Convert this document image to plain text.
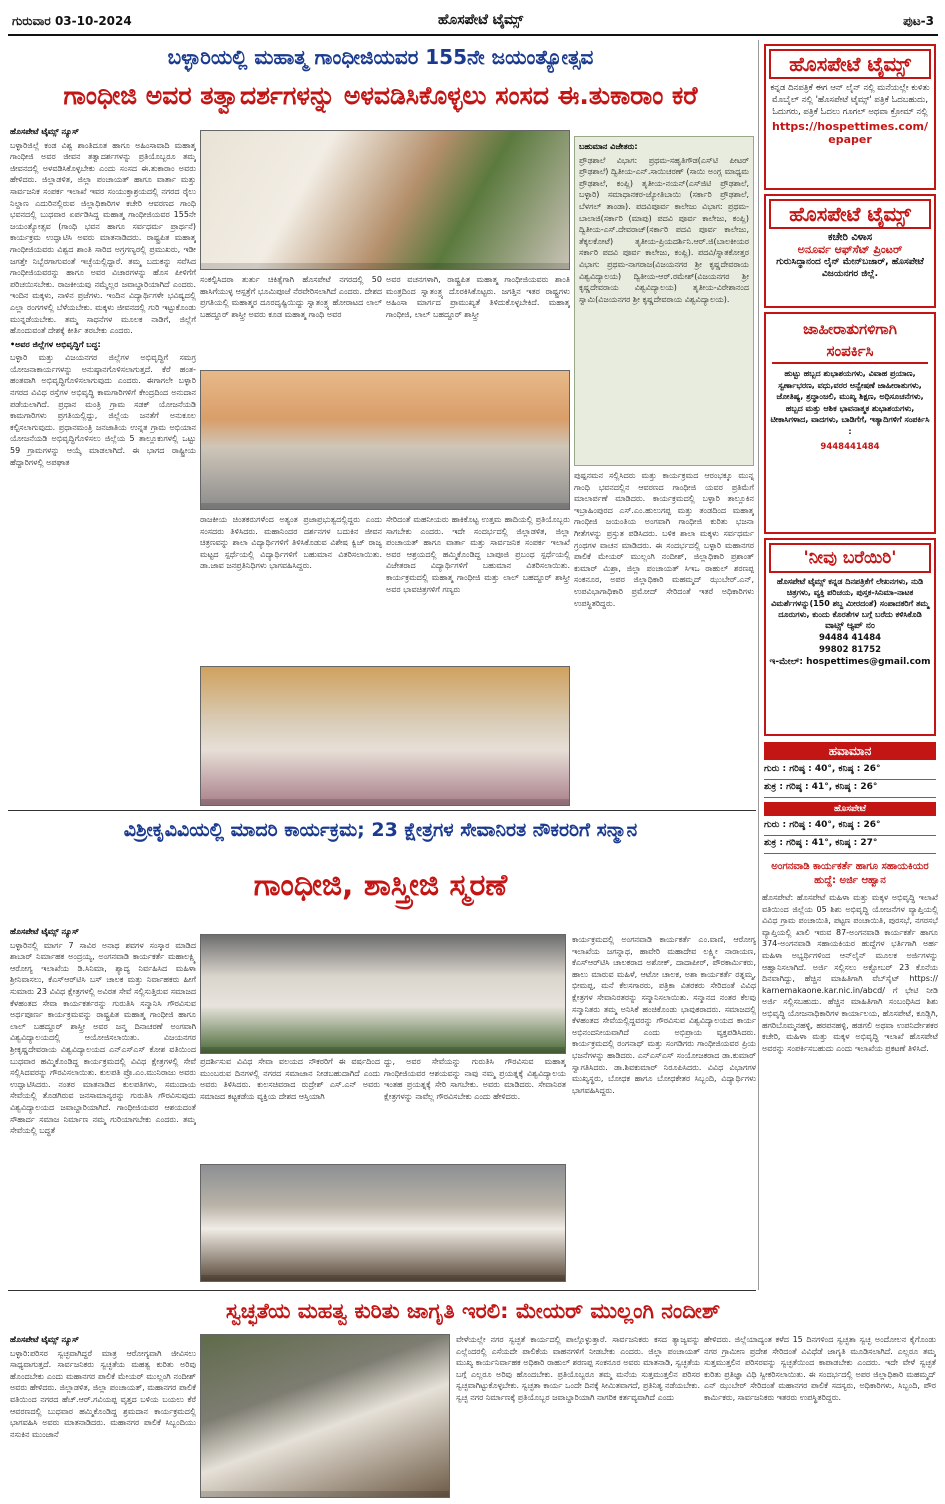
ಗುರುವಾರ 03-10-2024	ಹೊಸಪೇಟೆ ಟೈಮ್ಸ್	ಪುಟ-3
ಬಳ್ಳಾರಿಯಲ್ಲಿ ಮಹಾತ್ಮ ಗಾಂಧೀಜಿಯವರ 155ನೇ ಜಯಂತ್ಯೋತ್ಸವ
ಗಾಂಧೀಜಿ ಅವರ ತತ್ವಾದರ್ಶಗಳನ್ನು ಅಳವಡಿಸಿಕೊಳ್ಳಲು ಸಂಸದ ಈ.ತುಕಾರಾಂ ಕರೆ

ಹೊಸಪೇಟೆ ಟೈಮ್ಸ್ ನ್ಯೂಸ್

ಬಳ್ಳಾರಿಜಿಲ್ಲೆ ಕಂಡ ವಿಶ್ವ ಶಾಂತಿದೂತ ಹಾಗೂ ಅಹಿಂಸಾವಾದಿ ಮಹಾತ್ಮ ಗಾಂಧೀಜಿ ಅವರ ಜೀವನ ತತ್ವಾದರ್ಶಗಳನ್ನು ಪ್ರತಿಯೊಬ್ಬರೂ ತಮ್ಮ ಜೀವನದಲ್ಲಿ ಅಳವಡಿಸಿಕೊಳ್ಳಬೇಕು ಎಂದು ಸಂಸದ ಈ.ತುಕಾರಾಂ ಅವರು ಹೇಳಿದರು. ಜಿಲ್ಲಾಡಳಿತ, ಜಿಲ್ಲಾ ಪಂಚಾಯತ್ ಹಾಗೂ ವಾರ್ತಾ ಮತ್ತು ಸಾರ್ವಜನಿಕ ಸಂಪರ್ಕ ಇಲಾಖೆ ಇವರ ಸಂಯುಕ್ತಾಶ್ರಯದಲ್ಲಿ ನಗರದ ರೈಲು ನಿಲ್ದಾಣ ಎದುರಿನಲ್ಲಿರುವ ಜಿಲ್ಲಾಧಿಕಾರಿಗಳ ಕಚೇರಿ ಆವರಣದ ಗಾಂಧಿ ಭವನದಲ್ಲಿ ಬುಧವಾರ ಏರ್ಪಡಿಸಿದ್ದ ಮಹಾತ್ಮ ಗಾಂಧೀಜಿಯವರ 155ನೇ ಜಯಂತ್ಯೋತ್ಸವ (ಗಾಂಧಿ ಭವನ ಹಾಗೂ ಸರ್ವಧರ್ಮ ಪ್ರಾರ್ಥನೆ) ಕಾರ್ಯಕ್ರಮ ಉದ್ಘಾಟಿಸಿ ಅವರು ಮಾತನಾಡಿದರು. ರಾಷ್ಟ್ರಪಿತ ಮಹಾತ್ಮ ಗಾಂಧೀಜಿಯವರು ವಿಶ್ವದ ಶಾಂತಿ ಸಾರಿದ ಅಗ್ರಗಣ್ಯರಲ್ಲಿ ಪ್ರಮುಖರು, ಇಡೀ ಜಗತ್ತೇ ನಿಬ್ಬೆರಗಾಗುವಂತೆ ಇಚ್ಛೆಯಲ್ಲಿದ್ದಾರೆ. ತಮ್ಮ ಬದುಕನ್ನು ಸವೆಸಿದ ಗಾಂಧೀಜಿಯವರನ್ನು ಹಾಗೂ ಅವರ ವಿಚಾರಗಳನ್ನು ಹೊಸ ಪೀಳಿಗೆಗೆ ಪರಿಚಯಿಸಬೇಕು. ರಾಜಕೀಯವು ನಮ್ಮೆಲ್ಲರ ಜವಾಬ್ದಾರಿಯಾಗಿದೆ ಎಂದರು. ಇಂದಿನ ಮಕ್ಕಳು, ನಾಳಿನ ಪ್ರಜೆಗಳು. ಇಂದಿನ ವಿದ್ಯಾರ್ಥಿಗಳೇ ಭವಿಷ್ಯದಲ್ಲಿ ಎಲ್ಲಾ ರಂಗಗಳಲ್ಲಿ ಬೆಳೆಯಬೇಕು. ಮಕ್ಕಳು ಜೀವನದಲ್ಲಿ ಗುರಿ ಇಟ್ಟುಕೊಂಡು ಮುನ್ನಡೆಯಬೇಕು. ತಮ್ಮ ಸಾಧನೆಗಳ ಮೂಲಕ ನಾಡಿಗೆ, ಜಿಲ್ಲೆಗೆ ಹೊಂದುವಂತೆ ದೇಶಕ್ಕೆ ಕೀರ್ತಿ ತರಬೇಕು ಎಂದರು.

•ಅವರ ಜಿಲ್ಲೆಗಳ ಅಭಿವೃದ್ಧಿಗೆ ಬದ್ಧ:

ಬಳ್ಳಾರಿ ಮತ್ತು ವಿಜಯನಗರ ಜಿಲ್ಲೆಗಳ ಅಭಿವೃದ್ಧಿಗೆ ಸಮಗ್ರ ಯೋಜನಾಕಾರ್ಯಗಳನ್ನು ಅನುಷ್ಠಾನಗೊಳಿಸಲಾಗುತ್ತದೆ. ಕೆರೆ ಹಂತ-ಹಂತವಾಗಿ ಅಭಿವೃದ್ಧಿಗೊಳಿಸಲಾಗುವುದು ಎಂದರು. ಈಗಾಗಲೇ ಬಳ್ಳಾರಿ ನಗರದ ವಿವಿಧ ರಸ್ತೆಗಳ ಅಭಿವೃದ್ಧಿ ಕಾಮಗಾರಿಗಳಿಗೆ ಕೇಂದ್ರದಿಂದ ಅನುದಾನ ಪಡೆಯಲಾಗಿದೆ. ಪ್ರಧಾನ ಮಂತ್ರಿ ಗ್ರಾಮ ಸಡಕ್ ಯೋಜನೆಯಡಿ ಕಾಮಗಾರಿಗಳು ಪ್ರಗತಿಯಲ್ಲಿದ್ದು, ಜಿಲ್ಲೆಯ ಜನತೆಗೆ ಅನುಕೂಲ ಕಲ್ಪಿಸಲಾಗುವುದು. ಪ್ರಧಾನಮಂತ್ರಿ ಜನಜಾತಿಯ ಉನ್ನತ ಗ್ರಾಮ ಅಭಿಯಾನ ಯೋಜನೆಯಡಿ ಅಭಿವೃದ್ಧಿಗೊಳಿಸಲು ಜಿಲ್ಲೆಯ 5 ತಾಲ್ಲೂಕುಗಳಲ್ಲಿ ಒಟ್ಟು 59 ಗ್ರಾಮಗಳನ್ನು ಆಯ್ಕೆ ಮಾಡಲಾಗಿದೆ. ಈ ಭಾಗದ ರಾಷ್ಟ್ರೀಯ ಹೆದ್ದಾರಿಗಳಲ್ಲಿ ಅಪಘಾತ

ಸಂಕಲ್ಪಿಸಿದರಾ ತುರ್ತು ಚಿಕಿತ್ಸೆಗಾಗಿ ಹೊಸಪೇಟೆ ನಗರದಲ್ಲಿ 50 ಹಾಸಿಗೆಯುಳ್ಳ ಆಸ್ಪತ್ರೆಗೆ ಭೂಮಿಪೂಜೆ ನೆರವೇರಿಸಲಾಗಿದೆ ಎಂದರು. ದೇಶದ ಪ್ರಗತಿಯಲ್ಲಿ ಮಹಾತ್ಮರ ದೂರದೃಷ್ಟಿಯಿದ್ದು ಸ್ವಾತಂತ್ರ್ಯ ಹೋರಾಟದ ಲಾಲ್ ಬಹದ್ದೂರ್ ಶಾಸ್ತ್ರೀ ಅವರು ಕೂಡ ಮಹಾತ್ಮ ಗಾಂಧಿ ಅವರ
ಅವರ ವಚನಗಳಾಗಿ, ರಾಷ್ಟ್ರಪಿತ ಮಹಾತ್ಮ ಗಾಂಧೀಜಿಯವರು ಶಾಂತಿ ಮಂತ್ರದಿಂದ ಸ್ವಾತಂತ್ರ್ಯ ದೊರಕಿಸಿಕೊಟ್ಟರು. ಜಗತ್ತಿನ ಇತರ ರಾಷ್ಟ್ರಗಳು ಅಹಿಂಸಾ ಮಾರ್ಗದ ಪ್ರಾಮುಖ್ಯತೆ ತಿಳಿದುಕೊಳ್ಳಬೇಕಿದೆ. ಮಹಾತ್ಮ ಗಾಂಧೀಜಿ, ಲಾಲ್ ಬಹದ್ದೂರ್ ಶಾಸ್ತ್ರೀ
ರಾಜಕೀಯ ಚಿಂತಕರುಗಳೆಂದ ಅತ್ಯಂತ ಪ್ರಜಾಪ್ರಭುತ್ವದಲ್ಲಿದ್ದರು ಎಂದು ಸಂಸದರು ತಿಳಿಸಿದರು. ಮಹಾನಿಂದರ ದರ್ಶನಗಳ ಬದುಕಿನ ಜೀವನ ಚಿತ್ರಣವನ್ನು ಶಾಲಾ ವಿದ್ಯಾರ್ಥಿಗಳಿಗೆ ತಿಳಿಸಿಕೊಡುವ ವಿಶೇಷ ಕ್ವಿಜ್ ರಾಜ್ಯ ಮಟ್ಟದ ಸ್ಪರ್ಧೆಯಲ್ಲಿ ವಿದ್ಯಾರ್ಥಿಗಳಿಗೆ ಬಹುಮಾನ ವಿತರಿಸಲಾಯಿತು. ಡಾ.ಜಾವ ಜನಪ್ರತಿನಿಧಿಗಳು ಭಾಗವಹಿಸಿದ್ದರು.
ಸೇರಿದಂತೆ ಮಹನೀಯರು ಹಾಕಿಕೊಟ್ಟ ಉತ್ತಮ ಹಾದಿಯಲ್ಲಿ ಪ್ರತಿಯೊಬ್ಬರು ಸಾಗಬೇಕು ಎಂದರು. ಇದೇ ಸಂದರ್ಭದಲ್ಲಿ ಜಿಲ್ಲಾಡಳಿತ, ಜಿಲ್ಲಾ ಪಂಚಾಯತ್ ಹಾಗೂ ವಾರ್ತಾ ಮತ್ತು ಸಾರ್ವಜನಿಕ ಸಂಪರ್ಕ ಇಲಾಖೆ ಅವರ ಆಶ್ರಯದಲ್ಲಿ ಹಮ್ಮಿಕೊಂಡಿದ್ದ ಬಾಪೂಜಿ ಪ್ರಬಂಧ ಸ್ಪರ್ಧೆಯಲ್ಲಿ ವಿಜೇತರಾದ ವಿದ್ಯಾರ್ಥಿಗಳಿಗೆ ಬಹುಮಾನ ವಿತರಿಸಲಾಯಿತು. ಕಾರ್ಯಕ್ರಮದಲ್ಲಿ ಮಹಾತ್ಮ ಗಾಂಧೀಜಿ ಮತ್ತು ಲಾಲ್ ಬಹದ್ದೂರ್ ಶಾಸ್ತ್ರೀ ಅವರ ಭಾವಚಿತ್ರಗಳಿಗೆ ಗಣ್ಯರು

ಬಹುಮಾನ ವಿಜೇತರು:

ಪ್ರೌಢಶಾಲೆ ವಿಭಾಗ: ಪ್ರಥಮ-ಸಹೃತಿಗೌಡ(ಎಸ್‌ಟಿ ಪೀಟರ್ ಪ್ರೌಢಶಾಲೆ) ದ್ವಿತೀಯ-ಎನ್.ಸಾಯಿಚರಣ್ (ಸಾಯಿ ಅಂಗ್ಲ ಮಾಧ್ಯಮ ಪ್ರೌಢಶಾಲೆ, ಕಂಪ್ಲಿ) ತೃತೀಯ-ನಯನ್(ಎಸ್‌ಜಿಟಿ ಪ್ರೌಢಶಾಲೆ, ಬಳ್ಳಾರಿ) ಸಮಾಧಾನಕರ-ಜ್ಯೋತಿಬಾಯಿ (ಸರ್ಕಾರಿ ಪ್ರೌಢಶಾಲೆ, ಬೆಳಗಲ್ ತಾಂಡಾ). ಪದವಿಪೂರ್ವ ಕಾಲೇಜು ವಿಭಾಗ: ಪ್ರಥಮ-ಬಾಲಾಜಿ(ಸರ್ಕಾರಿ (ಮಾಪು) ಪದವಿ ಪೂರ್ವ ಕಾಲೇಜು, ಕಂಪ್ಲಿ) ದ್ವಿತೀಯ-ಎಸ್.ದೇವರಾಜ್(ಸರ್ಕಾರಿ ಪದವಿ ಪೂರ್ವ ಕಾಲೇಜು, ತೆಕ್ಕಲಕೋಟೆ) ತೃತೀಯ-ಪ್ರಿಯದರ್ಶಿನಿ.ಆರ್.ಜಿ(ಬಾಲಕೀಯರ ಸರ್ಕಾರಿ ಪದವಿ ಪೂರ್ವ ಕಾಲೇಜು, ಕಂಪ್ಲಿ). ಪದವಿ/ಸ್ನಾತಕೋತ್ತರ ವಿಭಾಗ: ಪ್ರಥಮ-ನಾಗರಾಜ(ವಿಜಯನಗರ ಶ್ರೀ ಕೃಷ್ಣದೇವರಾಯ ವಿಶ್ವವಿದ್ಯಾಲಯ) ದ್ವಿತೀಯ-ಆರ್.ರಮೇಶ್(ವಿಜಯನಗರ ಶ್ರೀ ಕೃಷ್ಣದೇವರಾಯ ವಿಶ್ವವಿದ್ಯಾಲಯ) ತೃತೀಯ-ವಿರೇಶಾನಂದ ಸ್ವಾಮಿ(ವಿಜಯನಗರ ಶ್ರೀ ಕೃಷ್ಣದೇವರಾಯ ವಿಶ್ವವಿದ್ಯಾಲಯ).

ಪುಷ್ಪನಮನ ಸಲ್ಲಿಸಿದರು ಮತ್ತು ಕಾರ್ಯಕ್ರಮದ ಆರಂಭಕ್ಕೂ ಮುನ್ನ ಗಾಂಧಿ ಭವನದಲ್ಲಿನ ಆವರಣದ ಗಾಂಧೀಜಿ ಯವರ ಪ್ರತಿಮೆಗೆ ಮಾಲಾರ್ಪಣೆ ಮಾಡಿದರು. ಕಾರ್ಯಕ್ರಮದಲ್ಲಿ ಬಳ್ಳಾರಿ ತಾಲ್ಲೂಕಿನ ಇಬ್ರಾಹಿಂಪುರದ ಎಸ್.ಎಂ.ಹುಲುಗಪ್ಪ ಮತ್ತು ತಂಡದಿಂದ ಮಹಾತ್ಮ ಗಾಂಧೀಜಿ ಜಯಂತಿಯ ಅಂಗವಾಗಿ ಗಾಂಧೀಜಿ ಕುರಿತು ಭಜನಾ ಗೀತೆಗಳನ್ನು ಪ್ರಸ್ತುತ ಪಡಿಸಿದರು. ಬಳಿಕ ಶಾಲಾ ಮಕ್ಕಳು ಸರ್ವಧರ್ಮ ಗ್ರಂಥಗಳ ವಾಚನ ಮಾಡಿದರು. ಈ ಸಂದರ್ಭದಲ್ಲಿ ಬಳ್ಳಾರಿ ಮಹಾನಗರ ಪಾಲಿಕೆ ಮೇಯರ್ ಮುಲ್ಲಂಗಿ ನಂದೀಶ್, ಜಿಲ್ಲಾಧಿಕಾರಿ ಪ್ರಶಾಂತ್ ಕುಮಾರ್ ಮಿಶ್ರಾ, ಜಿಲ್ಲಾ ಪಂಚಾಯತ್ ಸಿಇಒ ರಾಹುಲ್ ಶರಣಪ್ಪ ಸಂಕನೂರ, ಅಪರ ಜಿಲ್ಲಾಧಿಕಾರಿ ಮಹಮ್ಮದ್ ಝುಬೇರ್.ಎನ್, ಉಪವಿಭಾಗಾಧಿಕಾರಿ ಪ್ರಮೋದ್ ಸೇರಿದಂತೆ ಇತರೆ ಅಧಿಕಾರಿಗಳು ಉಪಸ್ಥಿತರಿದ್ದರು.
ವಿಶ್ರೀಕೃವಿವಿಯಲ್ಲಿ ಮಾದರಿ ಕಾರ್ಯಕ್ರಮ; 23 ಕ್ಷೇತ್ರಗಳ ಸೇವಾನಿರತ ನೌಕರರಿಗೆ ಸನ್ಮಾನ
ಗಾಂಧೀಜಿ, ಶಾಸ್ತ್ರೀಜಿ ಸ್ಮರಣೆ

ಹೊಸಪೇಟೆ ಟೈಮ್ಸ್ ನ್ಯೂಸ್

ಬಳ್ಳಾರಿನಲ್ಲಿ ಮಾರ್ಗ 7 ಸಾವಿರ ಅನಾಥ ಶವಗಳ ಸಂಸ್ಕಾರ ಮಾಡಿದ ಶಾಬಾರ್ ನಿರ್ಮಾಹಕ ಅಂದ್ರಯ್ಯ, ಅಂಗನವಾಡಿ ಕಾರ್ಯಕರ್ತೆ ಮಹಾಲಕ್ಷ್ಮಿ ಆರೋಗ್ಯ ಇಲಾಖೆಯ ಡಿ.ಸಿನಿಮಾ, ಶ್ಯಾದ್ಯ ನಿರ್ವಹಿಸಿದ ಮಹಿಳಾ ಶ್ರೀನಿವಾಸಲು, ಕೆಎಸ್‌ಆರ್‌ಟಿಸಿ ಬಸ್ ಚಾಲಕ ಮತ್ತು ನಿರ್ವಾಹಕರು ಹೀಗೆ ಸುಮಾರು 23 ವಿವಿಧ ಕ್ಷೇತ್ರಗಳಲ್ಲಿ ಅವಿರತ ಸೇವೆ ಸಲ್ಲಿಸುತ್ತಿರುವ ಸಮಾಜದ ಕೆಳಹಂತದ ಸೇವಾ ಕಾರ್ಯಕರ್ತರನ್ನು ಗುರುತಿಸಿ ಸನ್ಮಾನಿಸಿ ಗೌರವಿಸುವ ಅರ್ಥಪೂರ್ಣ ಕಾರ್ಯಕ್ರಮವನ್ನು ರಾಷ್ಟ್ರಪಿತ ಮಹಾತ್ಮ ಗಾಂಧೀಜಿ ಹಾಗೂ ಲಾಲ್ ಬಹದ್ದೂರ್ ಶಾಸ್ತ್ರೀ ಅವರ ಜನ್ಮ ದಿನಾಚರಣೆ ಅಂಗವಾಗಿ ವಿಶ್ವವಿದ್ಯಾಲಯದಲ್ಲಿ ಆಯೋಜಿಸಲಾಯಿತು. ವಿಜಯನಗರ ಶ್ರೀಕೃಷ್ಣದೇವರಾಯ ವಿಶ್ವವಿದ್ಯಾಲಯದ ಎನ್‌ಎಸ್‌ಎಸ್ ಕೋಶ ವತಿಯಿಂದ ಬುಧವಾರ ಹಮ್ಮಿಕೊಂಡಿದ್ದ ಕಾರ್ಯಕ್ರಮದಲ್ಲಿ ವಿವಿಧ ಕ್ಷೇತ್ರಗಳಲ್ಲಿ ಸೇವೆ ಸಲ್ಲಿಸಿದವರನ್ನು ಗೌರವಿಸಲಾಯಿತು. ಕುಲಪತಿ ಪ್ರೊ.ಎಂ.ಮುನಿರಾಜು ಅವರು ಉದ್ಘಾಟಿಸಿದರು. ನಂತರ ಮಾತನಾಡಿದ ಕುಲಪತಿಗಳು, ಸಮುದಾಯ ಸೇವೆಯಲ್ಲಿ ತೊಡಗಿರುವ ಜನಸಾಮಾನ್ಯರನ್ನು ಗುರುತಿಸಿ ಗೌರವಿಸುವುದು ವಿಶ್ವವಿದ್ಯಾಲಯದ ಜವಾಬ್ದಾರಿಯಾಗಿದೆ. ಗಾಂಧೀಜಿಯವರ ಆಶಯದಂತೆ ಸೌಹಾರ್ದ ಸಮಾಜ ನಿರ್ಮಾಣ ನಮ್ಮ ಗುರಿಯಾಗಬೇಕು ಎಂದರು. ತಮ್ಮ ಸೇವೆಯಲ್ಲಿ ಬದ್ಧತೆ

ಪ್ರದರ್ಶಿಸುವ ವಿವಿಧ ಸೇವಾ ವಲಯದ ನೌಕರರಿಗೆ ಈ ವರ್ಷದಿಂದ ಮುಂಬರುವ ದಿನಗಳಲ್ಲಿ ನಗರದ ಸಮಾಜಾನ ನೀಡಬಹುದಾಗಿದೆ ಎಂದು ಅವರು ತಿಳಿಸಿದರು. ಕುಲಸಚಿವರಾದ ರುದ್ರೇಶ್ ಎಸ್.ಎನ್ ಅವರು ಸಮಾಜದ ಕಟ್ಟಕಡೆಯ ವ್ಯಕ್ತಿಯ ದೇಶದ ಆಸ್ತಿಯಾಗಿ
ದ್ದು, ಅವರ ಸೇವೆಯನ್ನು ಗುರುತಿಸಿ ಗೌರವಿಸುವ ಮಹಾತ್ಮ ಗಾಂಧೀಜಿಯವರ ಆಶಯವನ್ನು ನಾವು ನಮ್ಮ ಪ್ರಯತ್ನಕ್ಕೆ ವಿಶ್ವವಿದ್ಯಾಲಯ ಇಂತಹ ಪ್ರಯತ್ನಕ್ಕೆ ಸೇರಿ ಸಾಗಬೇಕು. ಅವರು ಮಾಡಿದರು. ಸೇವಾನಿರತ ಕ್ಷೇತ್ರಗಳನ್ನು ನಾವೆಲ್ಲ ಗೌರವಿಸಬೇಕು ಎಂದು ಹೇಳಿದರು.
ಕಾರ್ಯಕ್ರಮದಲ್ಲಿ ಅಂಗನವಾಡಿ ಕಾರ್ಯಕರ್ತೆ ಎಂ.ವಾಣಿ, ಆರೋಗ್ಯ ಇಲಾಖೆಯ ಜಗನ್ನಾಥ, ಹಾವೇರಿ ಮಹಾದೇವ ಲಕ್ಷ್ಮೀ ನಾರಾಯಣ, ಕೆಎಸ್‌ಆರ್‌ಟಿಸಿ ಚಾಲಕರಾದ ಅಶೋಕ್, ದಾದಾಪೀರ್, ಪೌರಕಾರ್ಮಿಕರು, ಹಾಲು ಮಾರುವ ಮಹಿಳೆ, ಆಟೋ ಚಾಲಕ, ಅಶಾ ಕಾರ್ಯಕರ್ತೆ ರತ್ನಮ್ಮ, ಭೀಮಪ್ಪ, ಮನೆ ಕೆಲಸಗಾರರು, ಪತ್ರಿಕಾ ವಿತರಕರು ಸೇರಿದಂತೆ ವಿವಿಧ ಕ್ಷೇತ್ರಗಳ ಸೇವಾನಿರತರನ್ನು ಸನ್ಮಾನಿಸಲಾಯಿತು. ಸನ್ಮಾನದ ನಂತರ ಕೆಲವು ಸನ್ಮಾನಿತರು ತಮ್ಮ ಅನಿಸಿಕೆ ಹಂಚಿಕೊಂಡು ಭಾವುಕರಾದರು. ಸಮಾಜದಲ್ಲಿ ಕೆಳಹಂತದ ಸೇವೆಯಲ್ಲಿದ್ದವರನ್ನು ಗೌರವಿಸುವ ವಿಶ್ವವಿದ್ಯಾಲಯದ ಕಾರ್ಯ ಅಭಿನಂದನೀಯವಾಗಿದೆ ಎಂದು ಅಭಿಪ್ರಾಯ ವ್ಯಕ್ತಪಡಿಸಿದರು. ಕಾರ್ಯಕ್ರಮದಲ್ಲಿ ರಂಗನಾಥ್ ಮತ್ತು ಸಂಗಡಿಗರು ಗಾಂಧೀಜಿಯವರ ಪ್ರಿಯ ಭಜನೆಗಳನ್ನು ಹಾಡಿದರು. ಎನ್‌ಎಸ್‌ಎಸ್ ಸಂಯೋಜಕರಾದ ಡಾ.ಕುಮಾರ್ ಸ್ವಾಗತಿಸಿದರು. ಡಾ.ಶಿವಕುಮಾರ್ ನಿರೂಪಿಸಿದರು. ವಿವಿಧ ವಿಭಾಗಗಳ ಮುಖ್ಯಸ್ಥರು, ಬೋಧಕ ಹಾಗೂ ಬೋಧಕೇತರ ಸಿಬ್ಬಂದಿ, ವಿದ್ಯಾರ್ಥಿಗಳು ಭಾಗವಹಿಸಿದ್ದರು.
ಸ್ವಚ್ಛತೆಯ ಮಹತ್ವ ಕುರಿತು ಜಾಗೃತಿ ಇರಲಿ: ಮೇಯರ್ ಮುಲ್ಲಂಗಿ ನಂದೀಶ್

ಹೊಸಪೇಟೆ ಟೈಮ್ಸ್ ನ್ಯೂಸ್

ಬಳ್ಳಾರಿ:ಪರಿಸರ ಸ್ವಚ್ಛವಾಗಿದ್ದರೆ ಮಾತ್ರ ಆರೋಗ್ಯವಾಗಿ ಜೀವಿಸಲು ಸಾಧ್ಯವಾಗುತ್ತದೆ. ಸಾರ್ವಜನಿಕರು ಸ್ವಚ್ಛತೆಯ ಮಹತ್ವ ಕುರಿತು ಅರಿವು ಹೊಂದಬೇಕು ಎಂದು ಮಹಾನಗರ ಪಾಲಿಕೆ ಮೇಯರ್ ಮುಲ್ಲಂಗಿ ನಂದೀಶ್ ಅವರು ಹೇಳಿದರು. ಜಿಲ್ಲಾಡಳಿತ, ಜಿಲ್ಲಾ ಪಂಚಾಯತ್, ಮಹಾನಗರ ಪಾಲಿಕೆ ವತಿಯಿಂದ ನಗರದ ಹೆಚ್.ಆರ್.ಗವಿಯಪ್ಪ ವೃತ್ತದ ಬಳಿಯ ಬಯಲು ಕೆರೆ ಆವರಣದಲ್ಲಿ ಬುಧವಾರ ಹಮ್ಮಿಕೊಂಡಿದ್ದ ಶ್ರಮದಾನ ಕಾರ್ಯಕ್ರಮದಲ್ಲಿ ಭಾಗವಹಿಸಿ ಅವರು ಮಾತನಾಡಿದರು. ಮಹಾನಗರ ಪಾಲಿಕೆ ಸಿಬ್ಬಂದಿಯು ನಸುಕಿನ ಮುಂಜಾನೆ

ವೇಳೆಯಲ್ಲೇ ನಗರ ಸ್ವಚ್ಛತೆ ಕಾರ್ಯದಲ್ಲಿ ಪಾಲ್ಗೊಳ್ಳುತ್ತಾರೆ. ಸಾರ್ವಜನಿಕರು ಕಸದ ತ್ಯಾಜ್ಯವನ್ನು ಎಲ್ಲೆಂದರಲ್ಲಿ ಎಸೆಯದೇ ಪಾಲಿಕೆಯ ವಾಹನಗಳಿಗೆ ನೀಡಬೇಕು ಎಂದರು. ಜಿಲ್ಲಾ ಪಂಚಾಯತ್ ಮುಖ್ಯ ಕಾರ್ಯನಿರ್ವಾಹಕ ಅಧಿಕಾರಿ ರಾಹುಲ್ ಶರಣಪ್ಪ ಸಂಕನೂರ ಅವರು ಮಾತನಾಡಿ, ಸ್ವಚ್ಛತೆಯ ಬಗ್ಗೆ ಎಲ್ಲರೂ ಅರಿವು ಹೊಂದಬೇಕು. ಪ್ರತಿಯೊಬ್ಬರೂ ತಮ್ಮ ಮನೆಯ ಸುತ್ತಮುತ್ತಲಿನ ಪರಿಸರ ಸ್ವಚ್ಛವಾಗಿಟ್ಟುಕೊಳ್ಳಬೇಕು. ಸ್ವಚ್ಛತಾ ಕಾರ್ಯ ಒಂದೇ ದಿನಕ್ಕೆ ಸೀಮಿತವಾಗದೆ, ಪ್ರತಿನಿತ್ಯ ನಡೆಯಬೇಕು. ಸ್ವಚ್ಛ ನಗರ ನಿರ್ಮಾಣಕ್ಕೆ ಪ್ರತಿಯೊಬ್ಬರ ಜವಾಬ್ದಾರಿಯಾಗಿ ನಾಗರಿಕ ಕರ್ತವ್ಯವಾಗಿದೆ ಎಂದು
ಹೇಳಿದರು. ಜಿಲ್ಲೆಯಾದ್ಯಂತ ಕಳೆದ 15 ದಿನಗಳಿಂದ ಸ್ವಚ್ಛತಾ ಸ್ವಚ್ಛ ಅಂದೋಲನ ಕೈಗೊಂಡು ನಗರ ಗ್ರಾಮೀಣ ಪ್ರದೇಶ ಸೇರಿದಂತೆ ವಿವಿಧೆಡೆ ಜಾಗೃತಿ ಮೂಡಿಸಲಾಗಿದೆ. ಎಲ್ಲರೂ ತಮ್ಮ ಸುತ್ತಮುತ್ತಲಿನ ಪರಿಸರವನ್ನು ಸ್ವಚ್ಛತೆಯಿಂದ ಕಾಪಾಡಬೇಕು ಎಂದರು. ಇದೇ ವೇಳೆ ಸ್ವಚ್ಛತೆ ಕುರಿತು ಪ್ರತಿಜ್ಞಾ ವಿಧಿ ಸ್ವೀಕರಿಸಲಾಯಿತು. ಈ ಸಂದರ್ಭದಲ್ಲಿ ಅಪರ ಜಿಲ್ಲಾಧಿಕಾರಿ ಮಹಮ್ಮದ್ ಎನ್ ಝುಬೇರ್ ಸೇರಿದಂತೆ ಮಹಾನಗರ ಪಾಲಿಕೆ ಸದಸ್ಯರು, ಅಧಿಕಾರಿಗಳು, ಸಿಬ್ಬಂದಿ, ಪೌರ ಕಾರ್ಮಿಕರು, ಸಾರ್ವಜನಿಕರು ಇತರರು ಉಪಸ್ಥಿತರಿದ್ದರು.
ಹೊಸಪೇಟೆ ಟೈಮ್ಸ್

ಕನ್ನಡ ದಿನಪತ್ರಿಕೆ ಈಗ ಆನ್ ಲೈನ್ ನಲ್ಲಿ ಮನೆಯಲ್ಲೇ ಕುಳಿತು ಮೊಬೈಲ್ ನಲ್ಲಿ 'ಹೊಸಪೇಟೆ ಟೈಮ್ಸ್' ಪತ್ರಿಕೆ ಓದಬಹುದು, ಓದುಗರು, ಪತ್ರಿಕೆ ಓದಲು ಗೂಗಲ್ ಅಥವಾ ಕ್ರೋಮ್ ನಲ್ಲಿ

https://hospettimes.com/epaper

ಹೊಸಪೇಟೆ ಟೈಮ್ಸ್

ಕಚೇರಿ ವಿಳಾಸ

ಅನೂರ್ವ ಆಫ್‌ಸೆಟ್ ಪ್ರಿಂಟರ್

ಗುರುಸಿದ್ಧಾನಂದ ಲೈನ್ ಮೇನ್‌ಬಜಾರ್, ಹೊಸಪೇಟೆ ವಿಜಯನಗರ ಜಿಲ್ಲೆ.

ಜಾಹೀರಾತುಗಳಿಗಾಗಿ
ಸಂಪರ್ಕಿಸಿ

ಹುಟ್ಟು ಹಬ್ಬದ ಶುಭಾಶಯಗಳು, ವಿವಾಹ ಪ್ರಯಾಣ, ಸ್ವರ್ಣಾಭರಣ, ವಧು,ವರರ ಅನ್ವೇಷಣೆ ಜಾಹೀರಾತುಗಳು, ಜೋತಿಷ್ಯ, ಶ್ರದ್ಧಾಂಜಲಿ, ಮುಖ್ಯ ಶಿಕ್ಷಣ, ಅಧಿಸೂಚನೆಗಳು, ಹಬ್ಬದ ಮತ್ತು ಆಶಿಕ ಭಾವನಾತ್ಮಕ ಶುಭಾಶಯಗಳು, ಟೀಕಾಸಿಗಳಾದ, ವಾದಗಳು, ಬಾಡಿಗೆಗೆ, ಇತ್ಯಾದಿಗಳಿಗೆ ಸಂಪರ್ಕಿಸಿ :

9448441484

'ನೀವು ಬರೆಯಿರಿ'

ಹೊಸಪೇಟೆ ಟೈಮ್ಸ್ ಕನ್ನಡ ದಿನಪತ್ರಿಕೆಗೆ ಲೇಖನಗಳು, ನುಡಿ ಚಿತ್ರಗಳು, ವ್ಯಕ್ತಿ ಪರಿಚಯ, ಪುಸ್ತಕ-ಸಿನಿಮಾ-ನಾಟಕ ವಿಮರ್ಶೆಗಳನ್ನು(150 ಶಬ್ದ ಮೀರದಂತೆ) ಸಂಪಾದಕರಿಗೆ ತಮ್ಮ ದೂರುಗಳು, ಕುಂದು ಕೊರತೆಗಳ ಬಗ್ಗೆ ಬರೆದು ಕಳಿಸಿಕೊಡಿ

ವಾಟ್ಸ್ ಆ್ಯಪ್ ನಂ

94484 41484

99802 81752

ಇ-ಮೇಲ್: hospettimes@gmail.com

ಹವಾಮಾನ
ಗುರು : ಗರಿಷ್ಠ : 40°, ಕನಿಷ್ಠ : 26°
ಶುಕ್ರ : ಗರಿಷ್ಠ : 41°, ಕನಿಷ್ಠ : 26°
ಹೊಸಪೇಟೆ
ಗುರು : ಗರಿಷ್ಠ : 40°, ಕನಿಷ್ಠ : 26°
ಶುಕ್ರ : ಗರಿಷ್ಠ : 41°, ಕನಿಷ್ಠ : 27°
ಅಂಗನವಾಡಿ ಕಾರ್ಯಕರ್ತೆ ಹಾಗೂ ಸಹಾಯಕಿಯರ ಹುದ್ದೆ: ಅರ್ಜಿ ಆಹ್ವಾನ
ಹೊಸಪೇಟೆ: ಹೊಸಪೇಟೆ ಮಹಿಳಾ ಮತ್ತು ಮಕ್ಕಳ ಅಭಿವೃದ್ಧಿ ಇಲಾಖೆ ವತಿಯಿಂದ ಜಿಲ್ಲೆಯ 05 ಶಿಶು ಅಭಿವೃದ್ಧಿ ಯೋಜನೆಗಳ ವ್ಯಾಪ್ತಿಯಲ್ಲಿ ವಿವಿಧ ಗ್ರಾಮ ಪಂಚಾಯಿತಿ, ಪಟ್ಟಣ ಪಂಚಾಯಿತಿ, ಪುರಸಭೆ, ನಗರಸಭೆ ವ್ಯಾಪ್ತಿಯಲ್ಲಿ ಖಾಲಿ ಇರುವ 87-ಅಂಗನವಾಡಿ ಕಾರ್ಯಕರ್ತೆ ಹಾಗೂ 374-ಅಂಗನವಾಡಿ ಸಹಾಯಕಿಯರ ಹುದ್ದೆಗಳ ಭರ್ತಿಗಾಗಿ ಅರ್ಹ ಮಹಿಳಾ ಅಭ್ಯರ್ಥಿಗಳಿಂದ ಆನ್‌ಲೈನ್ ಮೂಲಕ ಅರ್ಜಿಗಳನ್ನು ಆಹ್ವಾನಿಸಲಾಗಿದೆ. ಅರ್ಜಿ ಸಲ್ಲಿಸಲು ಅಕ್ಟೋಬರ್ 23 ಕೊನೆಯ ದಿನವಾಗಿದ್ದು, ಹೆಚ್ಚಿನ ಮಾಹಿತಿಗಾಗಿ ವೆಬ್‌ಸೈಟ್ https:// karnemakaone.kar.nic.in/abcd/ ಗೆ ಭೇಟಿ ನೀಡಿ ಅರ್ಜಿ ಸಲ್ಲಿಸಬಹುದು. ಹೆಚ್ಚಿನ ಮಾಹಿತಿಗಾಗಿ ಸಂಬಂಧಿಸಿದ ಶಿಶು ಅಭಿವೃದ್ಧಿ ಯೋಜನಾಧಿಕಾರಿಗಳ ಕಾರ್ಯಾಲಯ, ಹೊಸಪೇಟೆ, ಕೂಡ್ಲಿಗಿ, ಹಗರಿಬೊಮ್ಮನಹಳ್ಳಿ, ಹರಪನಹಳ್ಳಿ, ಹಡಗಲಿ ಅಥವಾ ಉಪನಿರ್ದೇಶಕರ ಕಚೇರಿ, ಮಹಿಳಾ ಮತ್ತು ಮಕ್ಕಳ ಅಭಿವೃದ್ಧಿ ಇಲಾಖೆ ಹೊಸಪೇಟೆ ಅವರನ್ನು ಸಂಪರ್ಕಿಸಬಹುದು ಎಂದು ಇಲಾಖೆಯ ಪ್ರಕಟಣೆ ತಿಳಿಸಿದೆ.
